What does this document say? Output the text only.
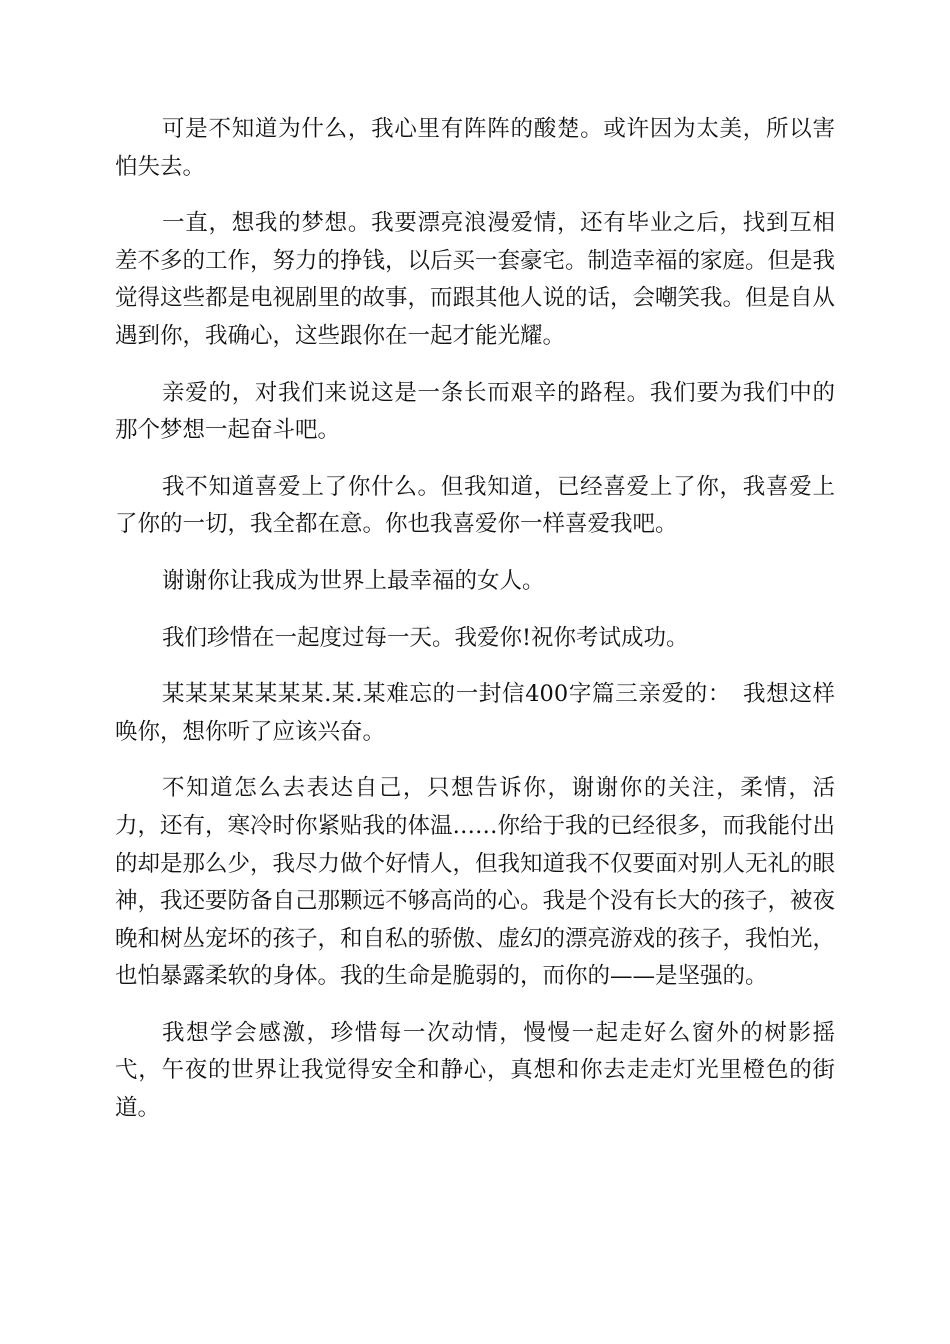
可是不知道为什么，我心里有阵阵的酸楚。或许因为太美，所以害怕失去。

一直，想我的梦想。我要漂亮浪漫爱情，还有毕业之后，找到互相差不多的工作，努力的挣钱，以后买一套豪宅。制造幸福的家庭。但是我觉得这些都是电视剧里的故事，而跟其他人说的话，会嘲笑我。但是自从遇到你，我确心，这些跟你在一起才能光耀。

亲爱的，对我们来说这是一条长而艰辛的路程。我们要为我们中的那个梦想一起奋斗吧。

我不知道喜爱上了你什么。但我知道，已经喜爱上了你，我喜爱上了你的一切，我全都在意。你也我喜爱你一样喜爱我吧。

谢谢你让我成为世界上最幸福的女人。

我们珍惜在一起度过每一天。我爱你!祝你考试成功。

某某某某某某某.某.某难忘的一封信400字篇三亲爱的：　我想这样唤你，想你听了应该兴奋。

不知道怎么去表达自己，只想告诉你，谢谢你的关注，柔情，活力，还有，寒冷时你紧贴我的体温……你给于我的已经很多，而我能付出的却是那么少，我尽力做个好情人，但我知道我不仅要面对别人无礼的眼神，我还要防备自己那颗远不够高尚的心。我是个没有长大的孩子，被夜晚和树丛宠坏的孩子，和自私的骄傲、虚幻的漂亮游戏的孩子，我怕光，也怕暴露柔软的身体。我的生命是脆弱的，而你的——是坚强的。

我想学会感激，珍惜每一次动情，慢慢一起走好么窗外的树影摇弋，午夜的世界让我觉得安全和静心，真想和你去走走灯光里橙色的街道。
